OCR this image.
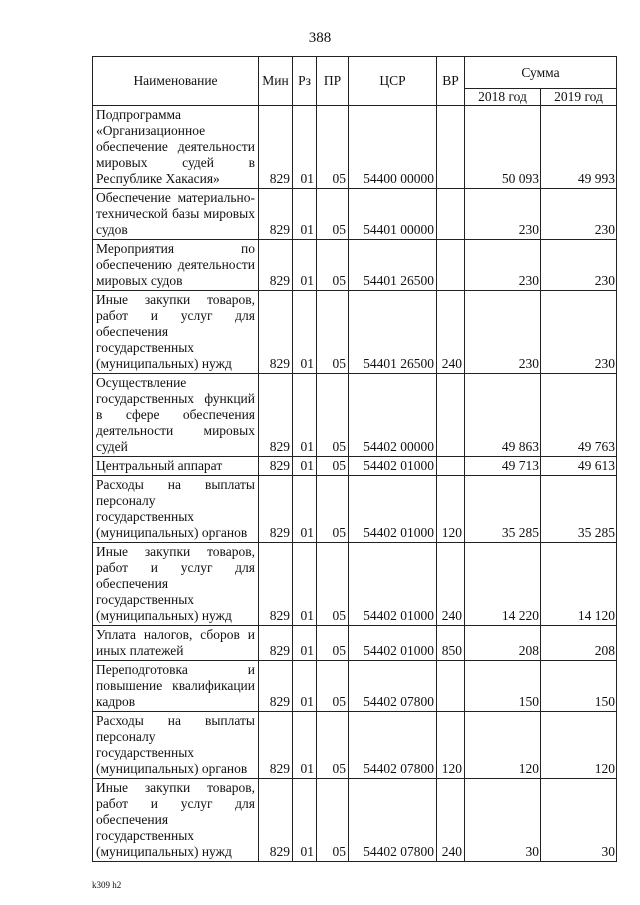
388
Наименование	Мин	Рз	ПР	ЦСР	ВР	Сумма	
						2018 год	2019 год
Подпрограмма «Организационное обеспечение деятельности мировых судей в Республике Хакасия»	829	01	05	54400 00000		50 093	49 993
Обеспечение материально-технической базы мировых судов	829	01	05	54401 00000		230	230
Мероприятия по обеспечению деятельности мировых судов	829	01	05	54401 26500		230	230
Иные закупки товаров, работ и услуг для обеспечения государственных (муниципальных) нужд	829	01	05	54401 26500	240	230	230
Осуществление государственных функций в сфере обеспечения деятельности мировых судей	829	01	05	54402 00000		49 863	49 763
Центральный аппарат	829	01	05	54402 01000		49 713	49 613
Расходы на выплаты персоналу государственных (муниципальных) органов	829	01	05	54402 01000	120	35 285	35 285
Иные закупки товаров, работ и услуг для обеспечения государственных (муниципальных) нужд	829	01	05	54402 01000	240	14 220	14 120
Уплата налогов, сборов и иных платежей	829	01	05	54402 01000	850	208	208
Переподготовка и повышение квалификации кадров	829	01	05	54402 07800		150	150
Расходы на выплаты персоналу государственных (муниципальных) органов	829	01	05	54402 07800	120	120	120
Иные закупки товаров, работ и услуг для обеспечения государственных (муниципальных) нужд	829	01	05	54402 07800	240	30	30
k309 h2
